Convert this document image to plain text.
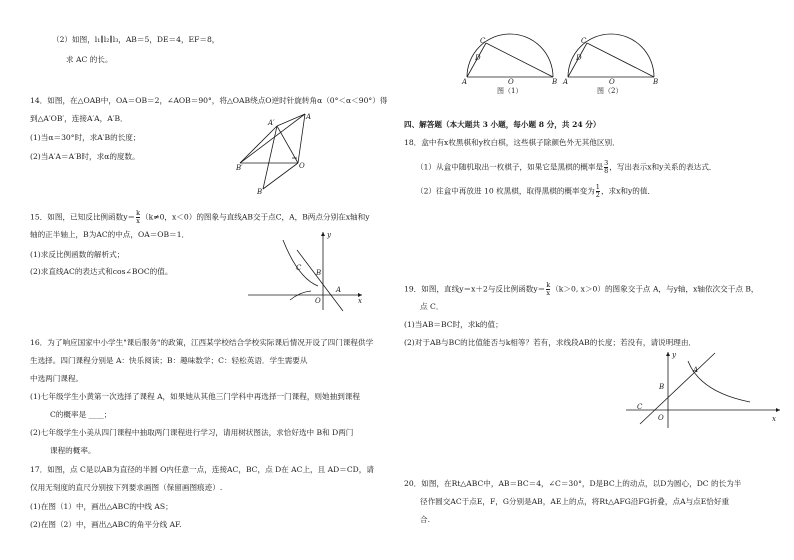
（2）如图，l₁∥l₂∥l₃，AB＝5，DE＝4，EF＝8，
求 AC 的长。
14．如图，在△OAB中，OA＝OB＝2，∠AOB＝90°，将△OAB绕点O逆时针旋转角α（0°＜α＜90°）得
到△A′OB′，连接A′A，A′B．
(1)当α＝30°时，求A′B的长度；
(2)当A′A＝A′B时，求α的度数。
A′
A
B′	O
B
15．如图，已知反比例函数$y= \frac{k}{x} (k\ne 0$，x＜0）的图象与直线AB交于点C，A，B两点分别在x轴和y
轴的正半轴上，B为AC的中点，OA＝OB＝1．
(1)求反比例函数的解析式；
(2)求直线AC的表达式和cos∠BOC的值。
y
C
B
A
O	x
16．为了响应国家中小学生"课后服务"的政策，江西某学校结合学校实际课后情况开设了四门课程供学
生选择。四门课程分别是 A：快乐阅读；B：趣味数学；C：轻松英语．学生需要从
中选两门课程。
(1)七年级学生小黄第一次选择了课程 A，如果她从其他三门学科中再选择一门课程，则她抽到课程
C的概率是 ____；
(2)七年级学生小美从四门课程中抽取两门课程进行学习，请用树状图法，求恰好选中 B和 D两门
课程的概率。
17．如图，点 C是以AB为直径的半圆 O内任意一点，连接AC，BC，点 D在 AC上，且 AD＝CD，请
仅用无刻度的直尺分别按下列要求画图（保留画图痕迹）.
(1)在图（1）中，画出△ABC的中线 AS；
(2)在图（2）中，画出△ABC的角平分线 AF.
C
D
A	O	B
图（1）
C
D
A	O	B
图（2）
四、解答题（本大题共 3 小题，每小题 8 分，共 24 分）
18．盒中有x枚黑棋和y枚白棋，这些棋子除颜色外无其他区别．
（1）从盒中随机取出一枚棋子，如果它是黑棋的概率是 $\frac{3}{8}$ ，写出表示x和y关系的表达式．
（2）往盒中再放进 10 枚黑棋，取得黑棋的概率变为 $\frac{1}{2}$ ，求x和y的值．
19．如图，直线y＝x＋2与反比例函数$y= \frac{k}{x} (k>0$, x＞0）的图象交于点 A，与y轴，x轴依次交于点 B，
点 C．
(1)当AB＝BC时，求k的值；
(2)对于AB与BC的比值能否与k相等？若有，求线段AB的长度；若没有，请说明理由．
y
A
B
C
O	x
20．如图，在Rt△ABC中，AB＝BC＝4，∠C＝30°，D是BC上的动点，以D为圆心，DC 的长为半
径作圆交AC于点E，F，G分别是AB，AE上的点，将Rt△AFG沿FG折叠，点A与点E恰好重
合.
